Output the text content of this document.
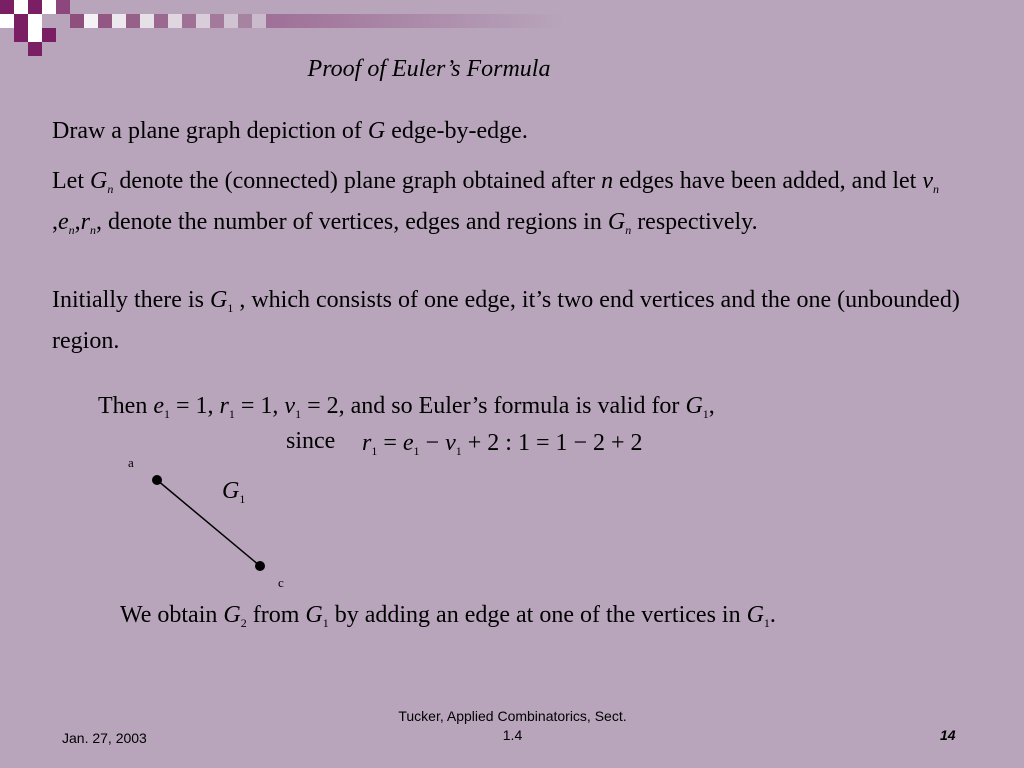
Proof of Euler’s Formula

Draw a plane graph depiction of G edge-by-edge.

Let $G_n$ denote the (connected) plane graph obtained after n edges have been added, and let $v_n$ $,e_n,r_n$, denote the number of vertices, edges and regions in $G_n$ respectively.

Initially there is $G_1$ , which consists of one edge, it’s two end vertices and the one (unbounded) region.

Then $e_1 = 1$, $r_1 = 1$, $v_1 = 2$, and so Euler’s formula is valid for $G_1$,
since $r_1 = e_1 - v_1 + 2$ : 1 = 1 − 2 + 2
a
c
$G_1$
We obtain $G_2$ from $G_1$ by adding an edge at one of the vertices in $G_1$.
Jan. 27, 2003
Tucker, Applied Combinatorics, Sect.
1.4	14
